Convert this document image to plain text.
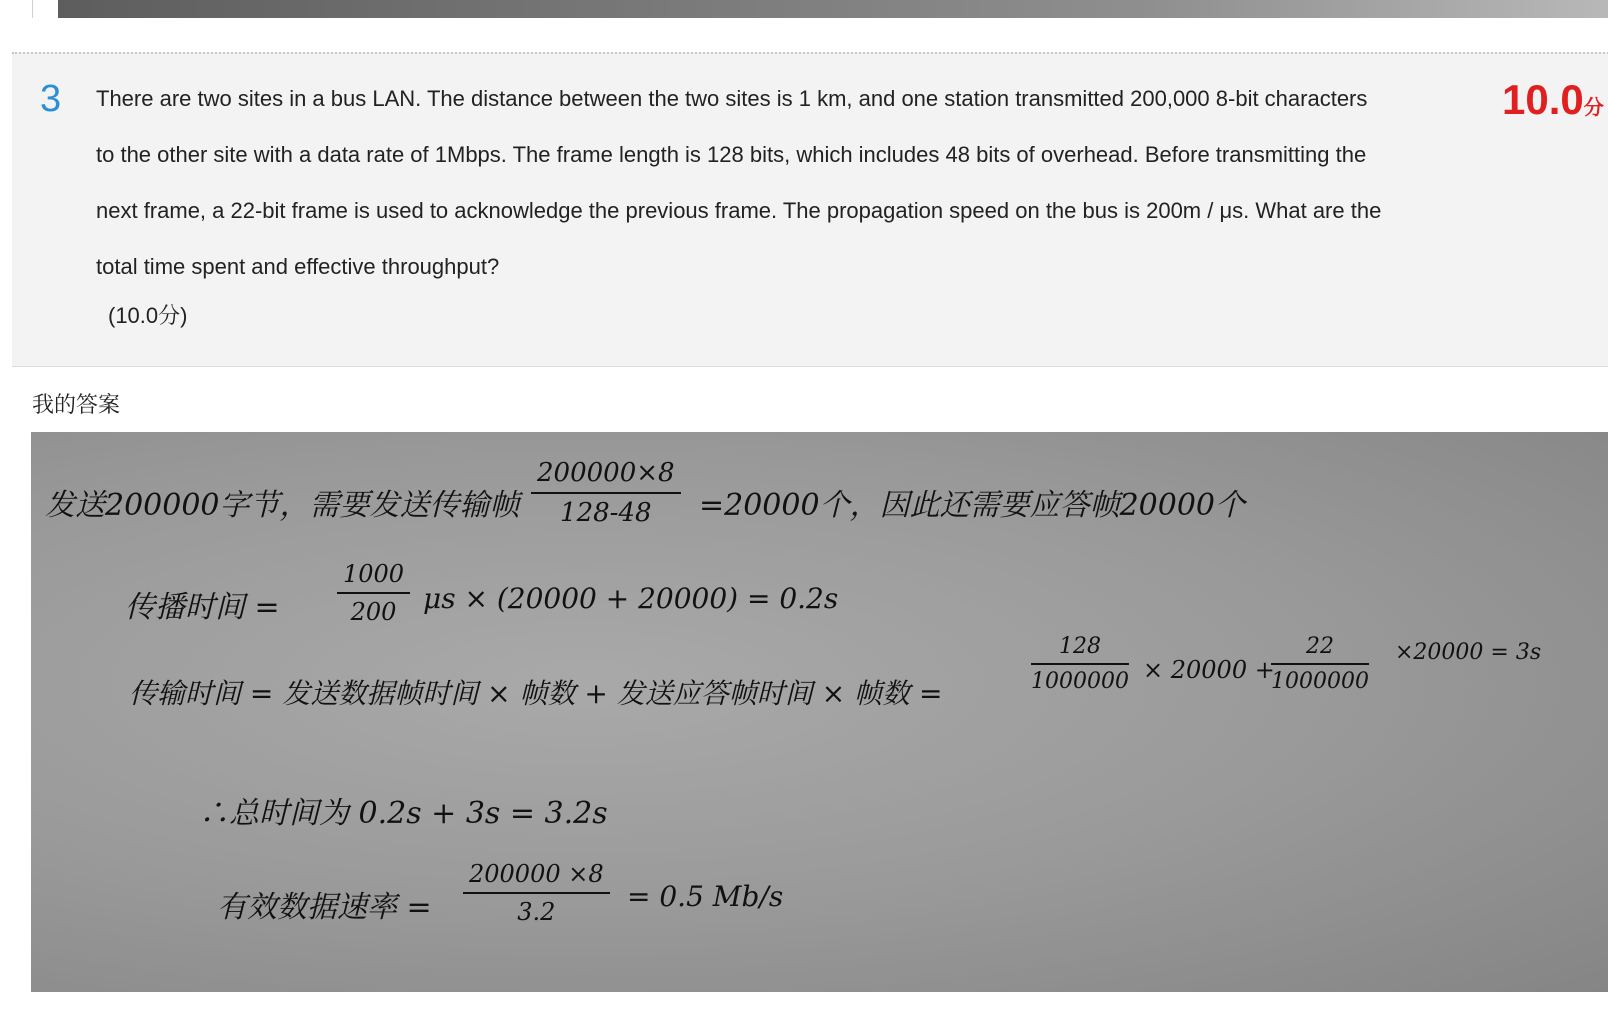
3 There are two sites in a bus LAN. The distance between the two sites is 1 km, and one station transmitted 200,000 8-bit characters to the other site with a data rate of 1Mbps. The frame length is 128 bits, which includes 48 bits of overhead. Before transmitting the next frame, a 22-bit frame is used to acknowledge the previous frame. The propagation speed on the bus is 200m / μs. What are the total time spent and effective throughput?
(10.0分)
10.0分
我的答案
发送200000字节，需要发送传输帧 $\frac{200000\times 8}{128-48} =20000$个，因此还需要应答帧20000个
传播时间 = $\frac{1000}{200}$ μs × (20000 + 20000) = 0.2s
传输时间 = 发送数据帧时间 × 帧数 + 发送应答帧时间 × 帧数 =	$\frac{128}{1000000} \times 20000$ +
$\frac{22}{1000000} \times 20000 = 3s$
∴总时间为 0.2s + 3s = 3.2s
有效数据速率 = $\frac{200000 \times 8}{3.2} = 0.5$ Mb/s
